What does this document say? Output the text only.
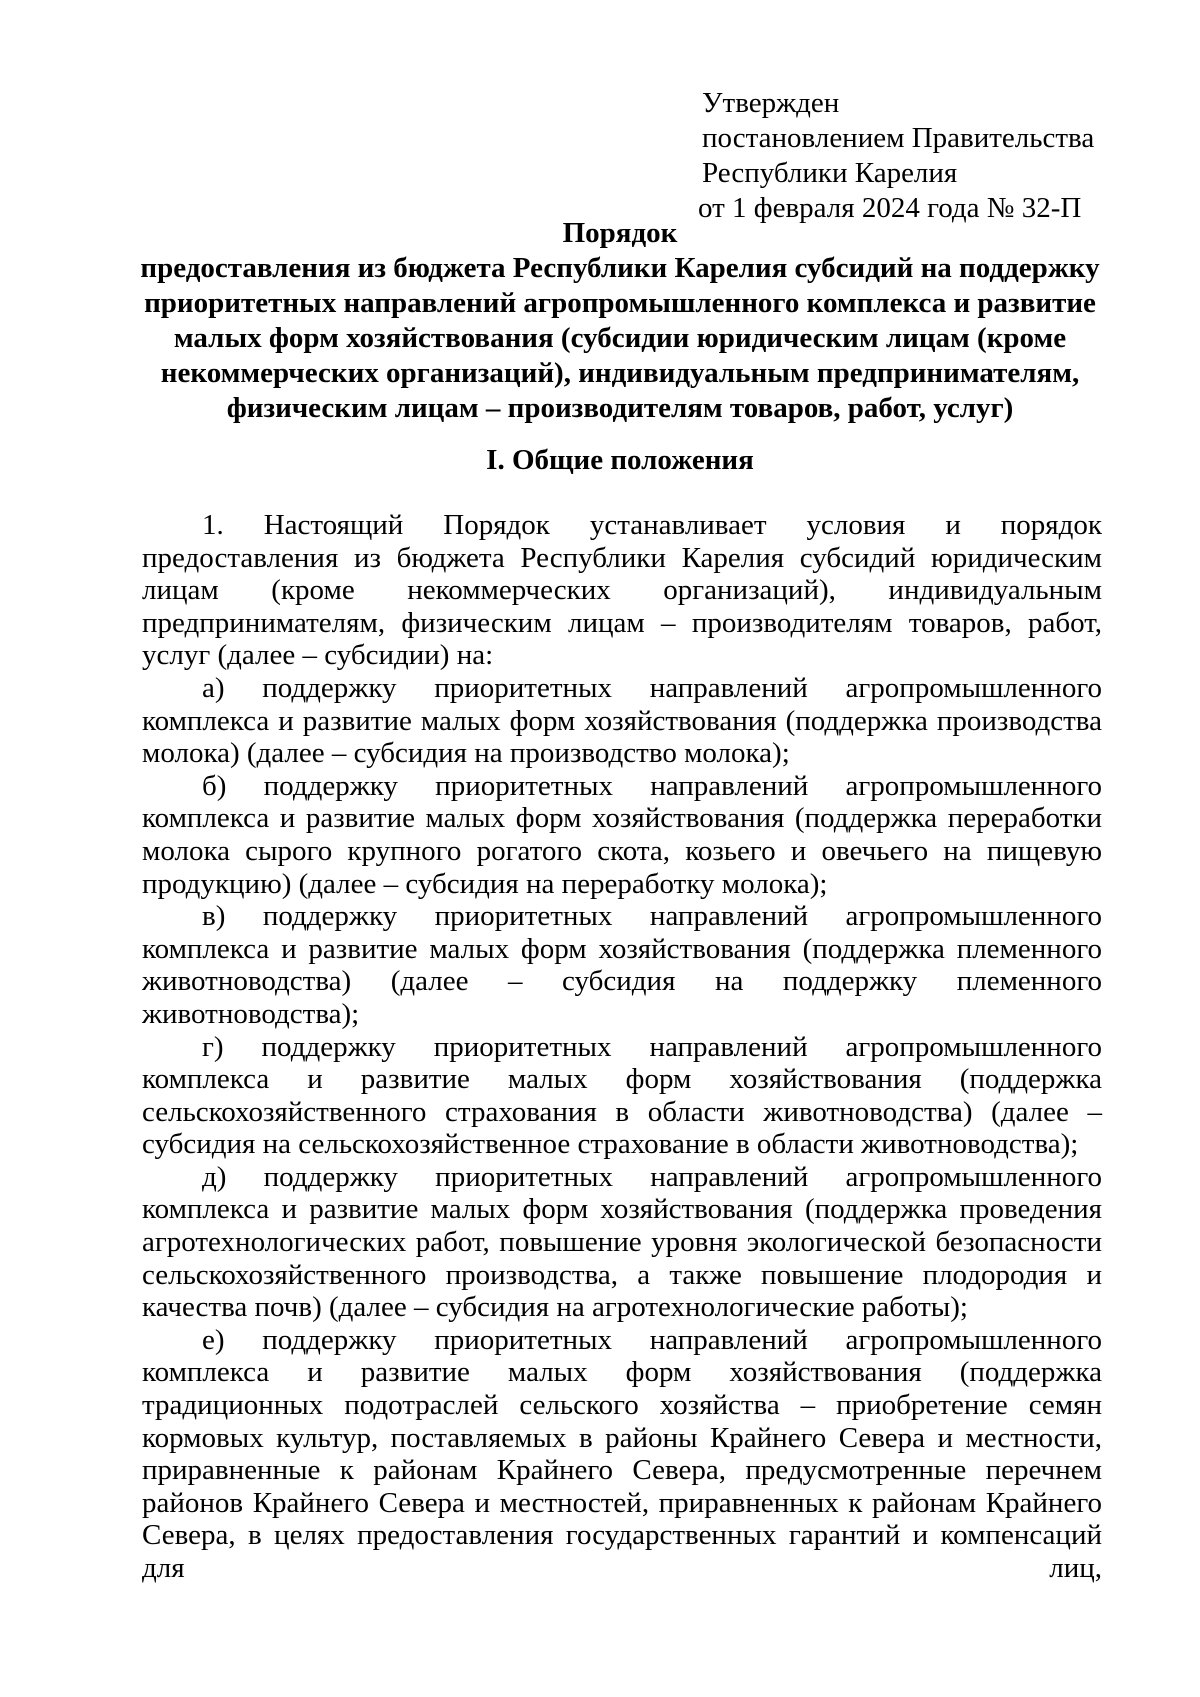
Утвержден
постановлением Правительства
Республики Карелия
от 1 февраля 2024 года № 32-П
Порядок
предоставления из бюджета Республики Карелия субсидий на поддержку
приоритетных направлений агропромышленного комплекса и развитие
малых форм хозяйствования (субсидии юридическим лицам (кроме
некоммерческих организаций), индивидуальным предпринимателям,
физическим лицам – производителям товаров, работ, услуг)
I. Общие положения

1. Настоящий Порядок устанавливает условия и порядок предоставления из бюджета Республики Карелия субсидий юридическим лицам (кроме некоммерческих организаций), индивидуальным предпринимателям, физическим лицам – производителям товаров, работ, услуг (далее – субсидии) на:

а) поддержку приоритетных направлений агропромышленного комплекса и развитие малых форм хозяйствования (поддержка производства молока) (далее – субсидия на производство молока);

б) поддержку приоритетных направлений агропромышленного комплекса и развитие малых форм хозяйствования (поддержка переработки молока сырого крупного рогатого скота, козьего и овечьего на пищевую продукцию) (далее – субсидия на переработку молока);

в) поддержку приоритетных направлений агропромышленного комплекса и развитие малых форм хозяйствования (поддержка племенного животноводства) (далее – субсидия на поддержку племенного животноводства);

г) поддержку приоритетных направлений агропромышленного комплекса и развитие малых форм хозяйствования (поддержка сельскохозяйственного страхования в области животноводства) (далее – субсидия на сельскохозяйственное страхование в области животноводства);

д) поддержку приоритетных направлений агропромышленного комплекса и развитие малых форм хозяйствования (поддержка проведения агротехнологических работ, повышение уровня экологической безопасности сельскохозяйственного производства, а также повышение плодородия и качества почв) (далее – субсидия на агротехнологические работы);

е) поддержку приоритетных направлений агропромышленного комплекса и развитие малых форм хозяйствования (поддержка традиционных подотраслей сельского хозяйства – приобретение семян кормовых культур, поставляемых в районы Крайнего Севера и местности, приравненные к районам Крайнего Севера, предусмотренные перечнем районов Крайнего Севера и местностей, приравненных к районам Крайнего Севера, в целях предоставления государственных гарантий и компенсаций для лиц,
